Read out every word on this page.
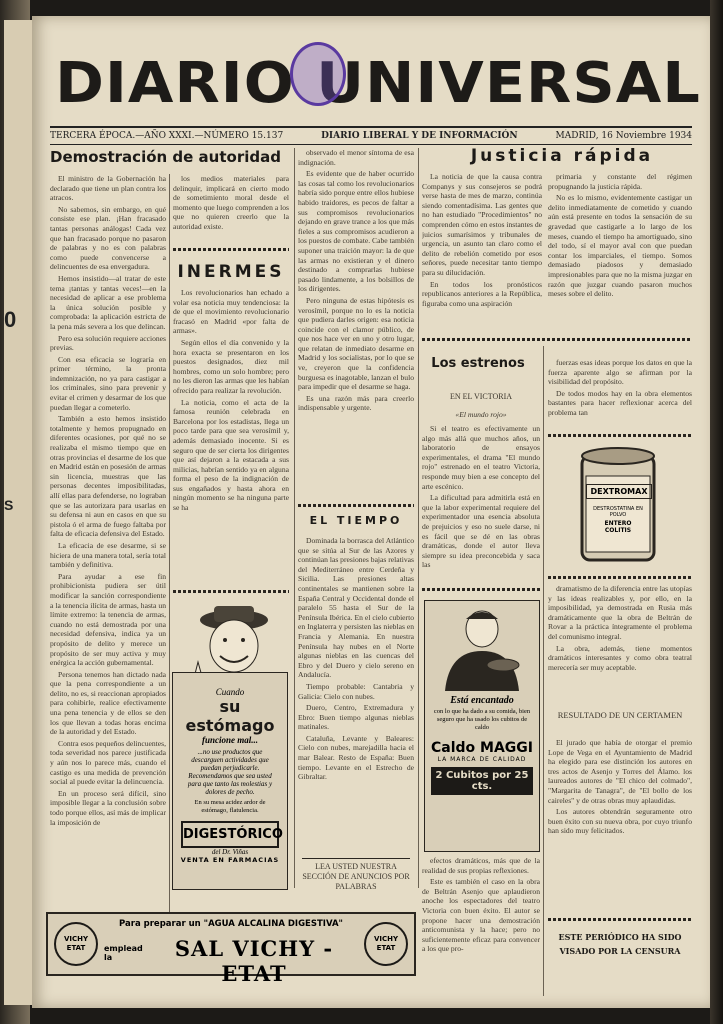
0
S
DIARIO UNIVERSAL
TERCERA ÉPOCA.—AÑO XXXI.—NÚMERO 15.137	DIARIO LIBERAL Y DE INFORMACIÓN	MADRID, 16 Noviembre 1934
Demostración de autoridad

El ministro de la Gobernación ha declarado que tiene un plan contra los atracos.

No sabemos, sin embargo, en qué consiste ese plan. ¡Han fracasado tantas personas análogas! Cada vez que han fracasado porque no pasaron de palabras y no es con palabras como puede convencerse a delincuentes de esa envergadura.

Hemos insistido—al tratar de este tema ¡tantas y tantas veces!—en la necesidad de aplicar a ese problema la única solución posible y comprobada: la aplicación estricta de la pena más severa a los que delincan.

Pero esa solución requiere acciones previas.

Con esa eficacia se lograría en primer término, la pronta indemnización, no ya para castigar a los criminales, sino para prevenir y evitar el crimen y desarmar de los que puedan llegar a cometerlo.

También a esto hemos insistido totalmente y hemos propugnado en diferentes ocasiones, por qué no se realizaba el mismo tiempo que en otras provincias el desarme de los que en Madrid están en posesión de armas sin licencia, muestras que las personas decentes imposibilitadas, allí ellas para defenderse, no lograban que se las autorizara para usarlas en su defensa ni aun en casos en que su pistola ó el arma de fuego faltaba por falta de eficacia defensiva del Estado.

La eficacia de ese desarme, si se hiciera de una manera total, sería total también y definitiva.

Para ayudar a ese fin prohibicionista pudiera ser útil modificar la sanción correspondiente a la tenencia ilícita de armas, hasta un límite extremo: la tenencia de armas, cuando no está demostrada por una necesidad defensiva, indica ya un propósito de delito y merece un propósito de ser muy activa y muy enérgica la acción gubernamental.

Persona tenemos han dictado nada que la pena correspondiente a un delito, no es, si reaccionan apropiados para cohibirle, realice efectivamente una pena tenencia y de ellos se den los que llevan a todas horas encima de la autoridad y del Estado.

Contra esos pequeños delincuentes, toda severidad nos parece justificada y aún nos lo parece más, cuando el castigo es una medida de prevención social al puede evitar la delincuencia.

En un proceso será difícil, sino imposible llegar a la conclusión sobre todo porque ellos, así más de implicar la imposición de

los medios materiales para delinquir, implicará en cierto modo de sometimiento moral desde el momento que luego comprenden a los que no quieren creerlo que la autoridad existe.

INERMES

Los revolucionarios han echado a volar esa noticia muy tendenciosa: la de que el movimiento revolucionario fracasó en Madrid «por falta de armas».

Según ellos el día convenido y la hora exacta se presentaron en los puestos designados, diez mil hombres, como un solo hombre; pero no les dieron las armas que les habían ofrecido para realizar la revolución.

La noticia, como el acta de la famosa reunión celebrada en Barcelona por los estadistas, llega un poco tarde para que sea verosímil y, además demasiado inocente. Si es seguro que de ser cierta los dirigentes que así dejaron a la estacada a sus milicias, habrían sentido ya en alguna forma el peso de la indignación de sus engañados y hasta ahora en ningún momento se ha ninguna parte se ha

Cuando
su estómago
funcione mal...
...no use productos que descarguen actividades que puedan perjudicarle. Recomendamos que sea usted para que tanto las molestias y dolores de pecho.
En su mesa acidez ardor de estómago, flatulencia.
DIGESTÓRICO
del Dr. Viñas
VENTA EN FARMACIAS

observado el menor síntoma de esa indignación.

Es evidente que de haber ocurrido las cosas tal como los revolucionarios habría sido porque entre ellos hubiese habido traidores, es pecos de faltar a sus compromisos revolucionarios dejando en grave trance a los que más fieles a sus compromisos acudieron a los puestos de combate. Cabe también suponer una traición mayor: la de que las armas no existieran y el dinero destinado a comprarlas hubiese pasado lindamente, a los bolsillos de los dirigentes.

Pero ninguna de estas hipótesis es verosímil, porque no lo es la noticia que pudiera darles origen: esa noticia coincide con el clamor público, de que nos hace ver en uno y otro lugar, que relatan de inmediato desarme en Madrid y los socialistas, por lo que se ve, creyeron que la confidencia burguesa es inagotable, lanzan el bulo para impedir que el desarme se haga.

Es una razón más para creerlo indispensable y urgente.

EL TIEMPO

Dominada la borrasca del Atlántico que se sitúa al Sur de las Azores y continúan las presiones bajas relativas del Mediterráneo entre Cerdeña y Sicilia. Las presiones altas continentales se mantienen sobre la España Central y Occidental donde el paralelo 55 hasta el Sur de la Península Ibérica. En el cielo cubierto en Inglaterra y persisten las nieblas en Francia y Alemania. En nuestra Península hay nubes en el Norte algunas nieblas en las cuencas del Ebro y del Duero y cielo sereno en Andalucía.

Tiempo probable: Cantabria y Galicia: Cielo con nubes.

Duero, Centro, Extremadura y Ebro: Buen tiempo algunas nieblas matinales.

Cataluña, Levante y Baleares: Cielo con nubes, marejadilla hacia el mar Balear. Resto de España: Buen tiempo. Levante en el Estrecho de Gibraltar.

LEA USTED NUESTRA SECCIÓN DE ANUNCIOS POR PALABRAS
Justicia rápida

La noticia de que la causa contra Companys y sus consejeros se podrá verse hasta de mes de marzo, continúa siendo comentadísima. Las gentes que no han estudiado "Procedimientos" no comprenden cómo en estos instantes de juicios sumarísimos y tribunales de urgencia, un asunto tan claro como el delito de rebelión cometido por esos señores, puede necesitar tanto tiempo para su dilucidación.

En todos los pronósticos republicanos anteriores a la República, figuraba como una aspiración

primaria y constante del régimen propugnando la justicia rápida.

No es lo mismo, evidentemente castigar un delito inmediatamente de cometido y cuando aún está presente en todos la sensación de su gravedad que castigarle a lo largo de los meses, cuando el tiempo ha amortiguado, sino del todo, sí el mayor aval con que puedan contar los imparciales, el tiempo. Somos demasiado piadosos y demasiado impresionables para que no la misma juzgar en razón que juzgar cuando pasaron muchos meses sobre el delito.

Los estrenos
EN EL VICTORIA
«El mundo rojo»

Si el teatro es efectivamente un algo más allá que muchos años, un laboratorio de ensayos experimentales, el drama "El mundo rojo" estrenado en el teatro Victoria, responde muy bien a ese concepto del arte escénico.

La dificultad para admitirla está en que la labor experimental requiere del experimentador una esencia absoluta de prejuicios y eso no suele darse, ni es fácil que se dé en las obras dramáticas, donde el autor lleva siempre su idea preconcebida y saca las

Está encantado
con lo que ha dado a su comida, bien seguro que ha usado los cubitos de caldo
Caldo MAGGI
LA MARCA DE CALIDAD
2 Cubitos por 25 cts.

efectos dramáticos, más que de la realidad de sus propias reflexiones.

Este es también el caso en la obra de Beltrán Asenjo que aplaudieron anoche los espectadores del teatro Victoria con buen éxito. El autor se propone hacer una demostración anticomunista y la hace; pero no suficientemente eficaz para convencer a los que pro-

fuerzas esas ideas porque los datos en que la fuerza aparente algo se afirman por la visibilidad del propósito.

De todos modos hay en la obra elementos bastantes para hacer reflexionar acerca del problema tan

DEXTROMAX
DESTROSTATINA EN POLVO
ENTERO COLITIS

dramatismo de la diferencia entre las utopías y las ideas realizables y, por ello, en la imposibilidad, ya demostrada en Rusia más dramáticamente que la obra de Beltrán de Rovar a la práctica íntegramente el problema del comunismo integral.

La obra, además, tiene momentos dramáticos interesantes y como obra teatral merecería ser muy aceptable.

RESULTADO DE UN CERTAMEN

El jurado que había de otorgar el premio Lope de Vega en el Ayuntamiento de Madrid ha elegido para ese distinción los autores en tres actos de Asenjo y Torres del Álamo. los laureados autores de "El chico del colmado", "Margarita de Tanagra", de "El bollo de los caireles" y de otras obras muy aplaudidas.

Los autores obtendrán seguramente otro buen éxito con su nueva obra, por cuyo triunfo han sido muy felicitados.

ESTE PERIÓDICO HA SIDO VISADO POR LA CENSURA
VICHY ETAT
VICHY ETAT
Para preparar un "AGUA ALCALINA DIGESTIVA"
emplead la	SAL VICHY - ETAT
